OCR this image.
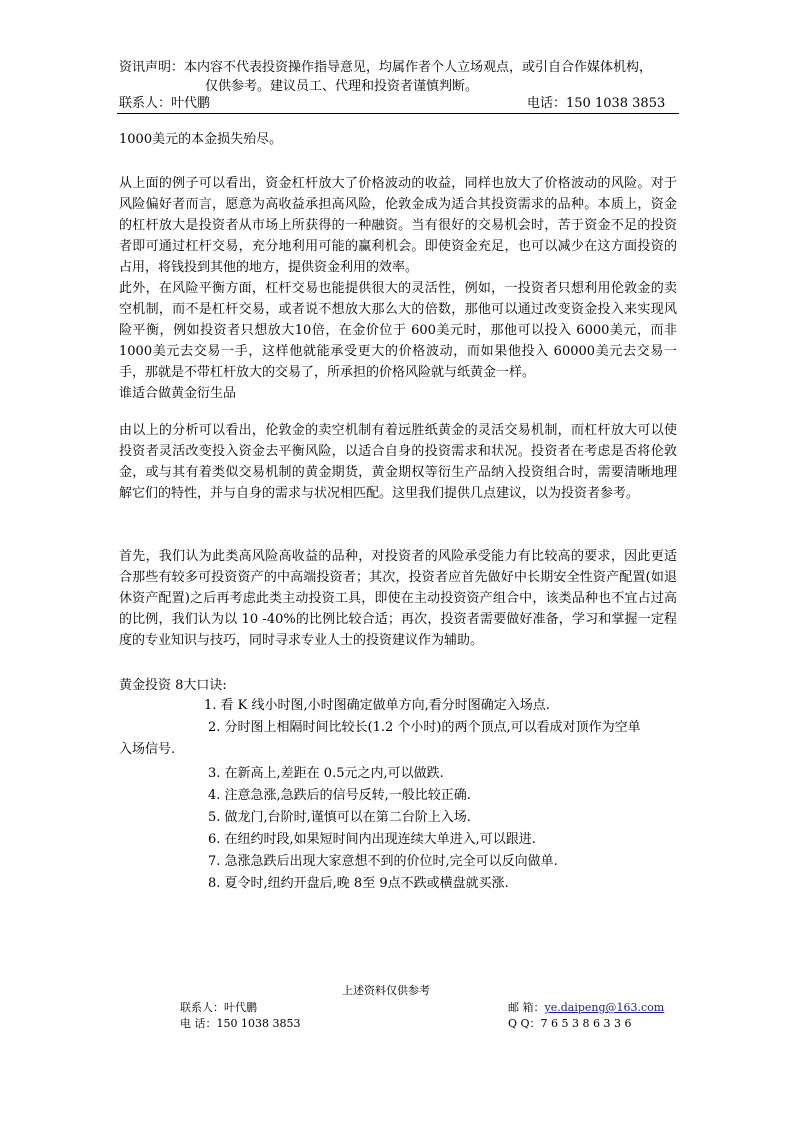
资讯声明：本内容不代表投资操作指导意见，均属作者个人立场观点，或引自合作媒体机构，
仅供参考。建议员工、代理和投资者谨慎判断。
联系人：叶代鹏	电话：150 1038 3853

1000美元的本金损失殆尽。

从上面的例子可以看出，资金杠杆放大了价格波动的收益，同样也放大了价格波动的风险。对于风险偏好者而言，愿意为高收益承担高风险，伦敦金成为适合其投资需求的品种。本质上，资金的杠杆放大是投资者从市场上所获得的一种融资。当有很好的交易机会时，苦于资金不足的投资者即可通过杠杆交易，充分地利用可能的赢利机会。即使资金充足，也可以减少在这方面投资的占用，将钱投到其他的地方，提供资金利用的效率。

此外，在风险平衡方面，杠杆交易也能提供很大的灵活性，例如，一投资者只想利用伦敦金的卖空机制，而不是杠杆交易，或者说不想放大那么大的倍数，那他可以通过改变资金投入来实现风险平衡，例如投资者只想放大10倍，在金价位于 600美元时，那他可以投入 6000美元，而非 1000美元去交易一手，这样他就能承受更大的价格波动，而如果他投入 60000美元去交易一手，那就是不带杠杆放大的交易了，所承担的价格风险就与纸黄金一样。

谁适合做黄金衍生品

由以上的分析可以看出，伦敦金的卖空机制有着远胜纸黄金的灵活交易机制，而杠杆放大可以使投资者灵活改变投入资金去平衡风险，以适合自身的投资需求和状况。投资者在考虑是否将伦敦金，或与其有着类似交易机制的黄金期货，黄金期权等衍生产品纳入投资组合时，需要清晰地理解它们的特性，并与自身的需求与状况相匹配。这里我们提供几点建议，以为投资者参考。

首先，我们认为此类高风险高收益的品种，对投资者的风险承受能力有比较高的要求，因此更适合那些有较多可投资资产的中高端投资者；其次，投资者应首先做好中长期安全性资产配置(如退休资产配置)之后再考虑此类主动投资工具，即使在主动投资资产组合中，该类品种也不宜占过高的比例，我们认为以 10 -40%的比例比较合适；再次，投资者需要做好准备，学习和掌握一定程度的专业知识与技巧，同时寻求专业人士的投资建议作为辅助。

黄金投资 8大口诀:

1. 看 K 线小时图,小时图确定做单方向,看分时图确定入场点.
2. 分时图上相隔时间比较长(1.2 个小时)的两个顶点,可以看成对顶作为空单
入场信号.
3. 在新高上,差距在 0.5元之内,可以做跌.
4. 注意急涨,急跌后的信号反转,一般比较正确.
5. 做龙门,台阶时,谨慎可以在第二台阶上入场.
6. 在纽约时段,如果短时间内出现连续大单进入,可以跟进.
7. 急涨急跌后出现大家意想不到的价位时,完全可以反向做单.
8. 夏令时,纽约开盘后,晚 8至 9点不跌或横盘就买涨.
上述资料仅供参考
联系人：叶代鹏
电 话：150 1038 3853
邮 箱：ye.daipeng@163.com
Q Q：7 6 5 3 8 6 3 3 6
